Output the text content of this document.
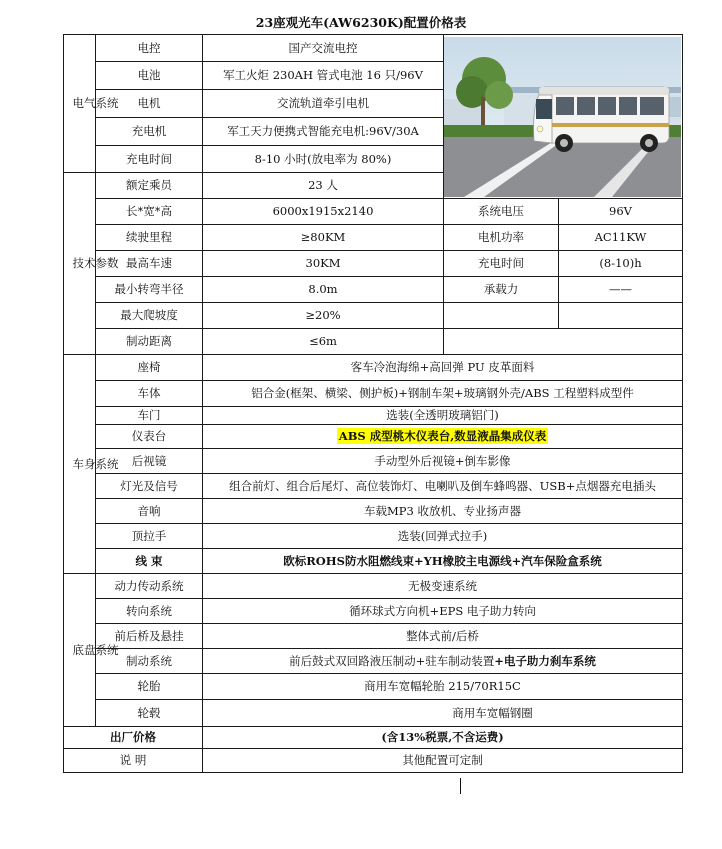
23座观光车(AW6230K)配置价格表
电气系统	电控	国产交流电控	

	电池	军工火炬 230AH 管式电池 16 只/96V		
	电机	交流轨道牵引电机		
	充电机	军工天力便携式智能充电机:96V/30A		
	充电时间	8-10 小时(放电率为 80%)		

技术参数	额定乘员	23 人		
	长*宽*高	6000x1915x2140	系统电压	96V
	续驶里程	≥80KM	电机功率	AC11KW
	最高车速	30KM	充电时间	(8-10)h
	最小转弯半径	8.0m	承载力	——
	最大爬坡度	≥20%		
	制动距离	≤6m		

车身系统	座椅	客车冷泡海绵+高回弹 PU 皮革面料		
	车体	铝合金(框架、横梁、侧护板)+钢制车架+玻璃钢外壳/ABS 工程塑料成型件		
	车门	选装(全透明玻璃铝门)		
	仪表台	ABS 成型桃木仪表台,数显液晶集成仪表		
	后视镜	手动型外后视镜+倒车影像		
	灯光及信号	组合前灯、组合后尾灯、高位装饰灯、电喇叭及倒车蜂鸣器、USB+点烟器充电插头		
	音响	车载MP3 收放机、专业扬声器		
	顶拉手	选装(回弹式拉手)		
	线 束	欧标ROHS防水阻燃线束+YH橡胶主电源线+汽车保险盒系统		

底盘系统	动力传动系统	无极变速系统		
	转向系统	循环球式方向机+EPS 电子助力转向		
	前后桥及悬挂	整体式前/后桥		
	制动系统	前后鼓式双回路液压制动+驻车制动装置+电子助力刹车系统		
	轮胎	商用车宽幅轮胎 215/70R15C		
	轮毂	商用车宽幅钢圈		
出厂价格		(含13%税票,不含运费)		
说 明		其他配置可定制		
